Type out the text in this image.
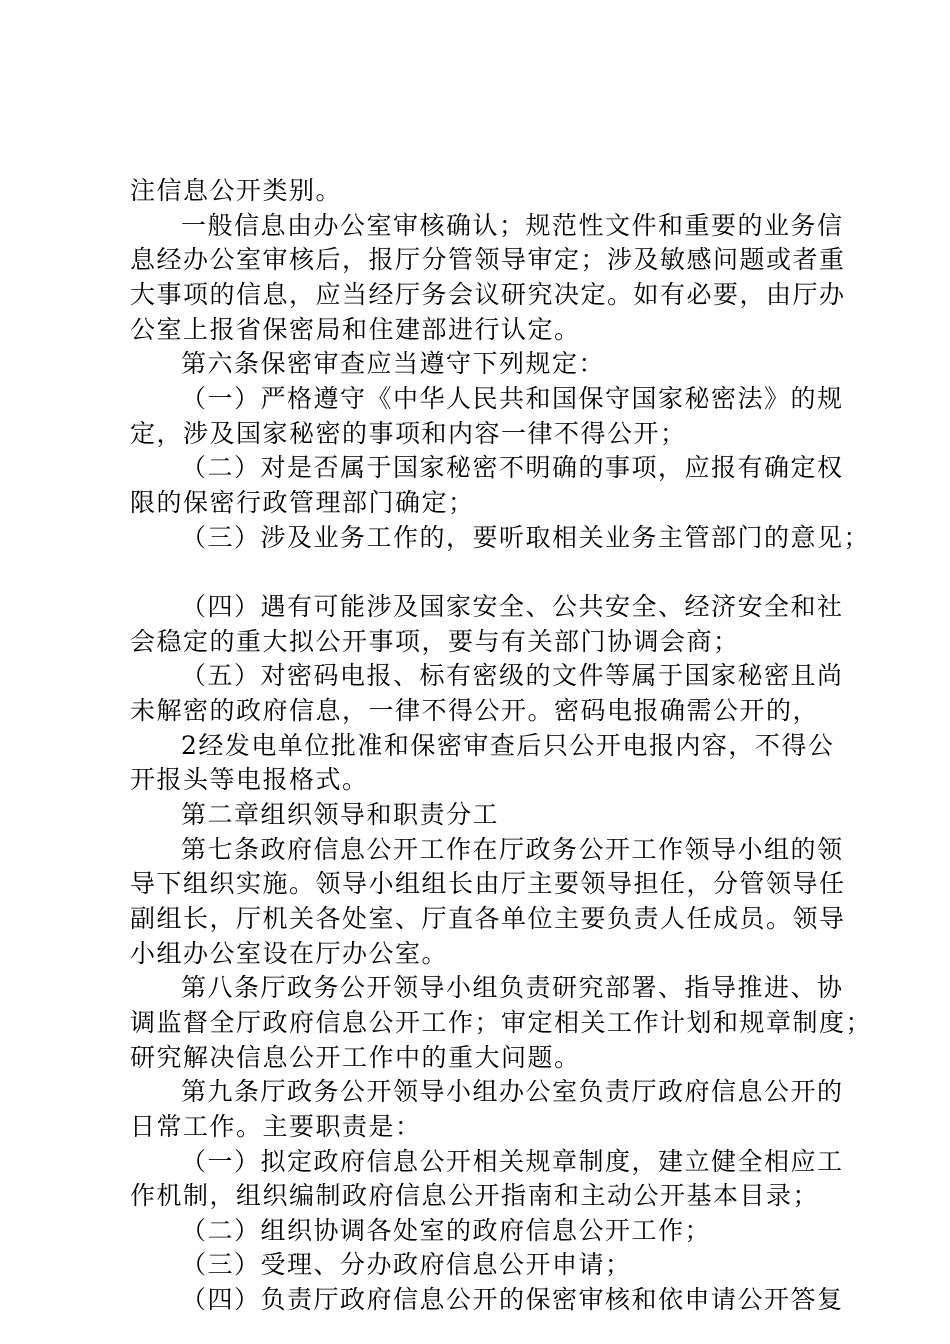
注信息公开类别。
一般信息由办公室审核确认；规范性文件和重要的业务信
息经办公室审核后，报厅分管领导审定；涉及敏感问题或者重
大事项的信息，应当经厅务会议研究决定。如有必要，由厅办
公室上报省保密局和住建部进行认定。
第六条保密审查应当遵守下列规定：
（一）严格遵守《中华人民共和国保守国家秘密法》的规
定，涉及国家秘密的事项和内容一律不得公开；
（二）对是否属于国家秘密不明确的事项，应报有确定权
限的保密行政管理部门确定；
（三）涉及业务工作的，要听取相关业务主管部门的意见；
（四）遇有可能涉及国家安全、公共安全、经济安全和社
会稳定的重大拟公开事项，要与有关部门协调会商；
（五）对密码电报、标有密级的文件等属于国家秘密且尚
未解密的政府信息，一律不得公开。密码电报确需公开的，
2经发电单位批准和保密审查后只公开电报内容，不得公
开报头等电报格式。
第二章组织领导和职责分工
第七条政府信息公开工作在厅政务公开工作领导小组的领
导下组织实施。领导小组组长由厅主要领导担任，分管领导任
副组长，厅机关各处室、厅直各单位主要负责人任成员。领导
小组办公室设在厅办公室。
第八条厅政务公开领导小组负责研究部署、指导推进、协
调监督全厅政府信息公开工作；审定相关工作计划和规章制度；
研究解决信息公开工作中的重大问题。
第九条厅政务公开领导小组办公室负责厅政府信息公开的
日常工作。主要职责是：
（一）拟定政府信息公开相关规章制度，建立健全相应工
作机制，组织编制政府信息公开指南和主动公开基本目录；
（二）组织协调各处室的政府信息公开工作；
（三）受理、分办政府信息公开申请；
（四）负责厅政府信息公开的保密审核和依申请公开答复
